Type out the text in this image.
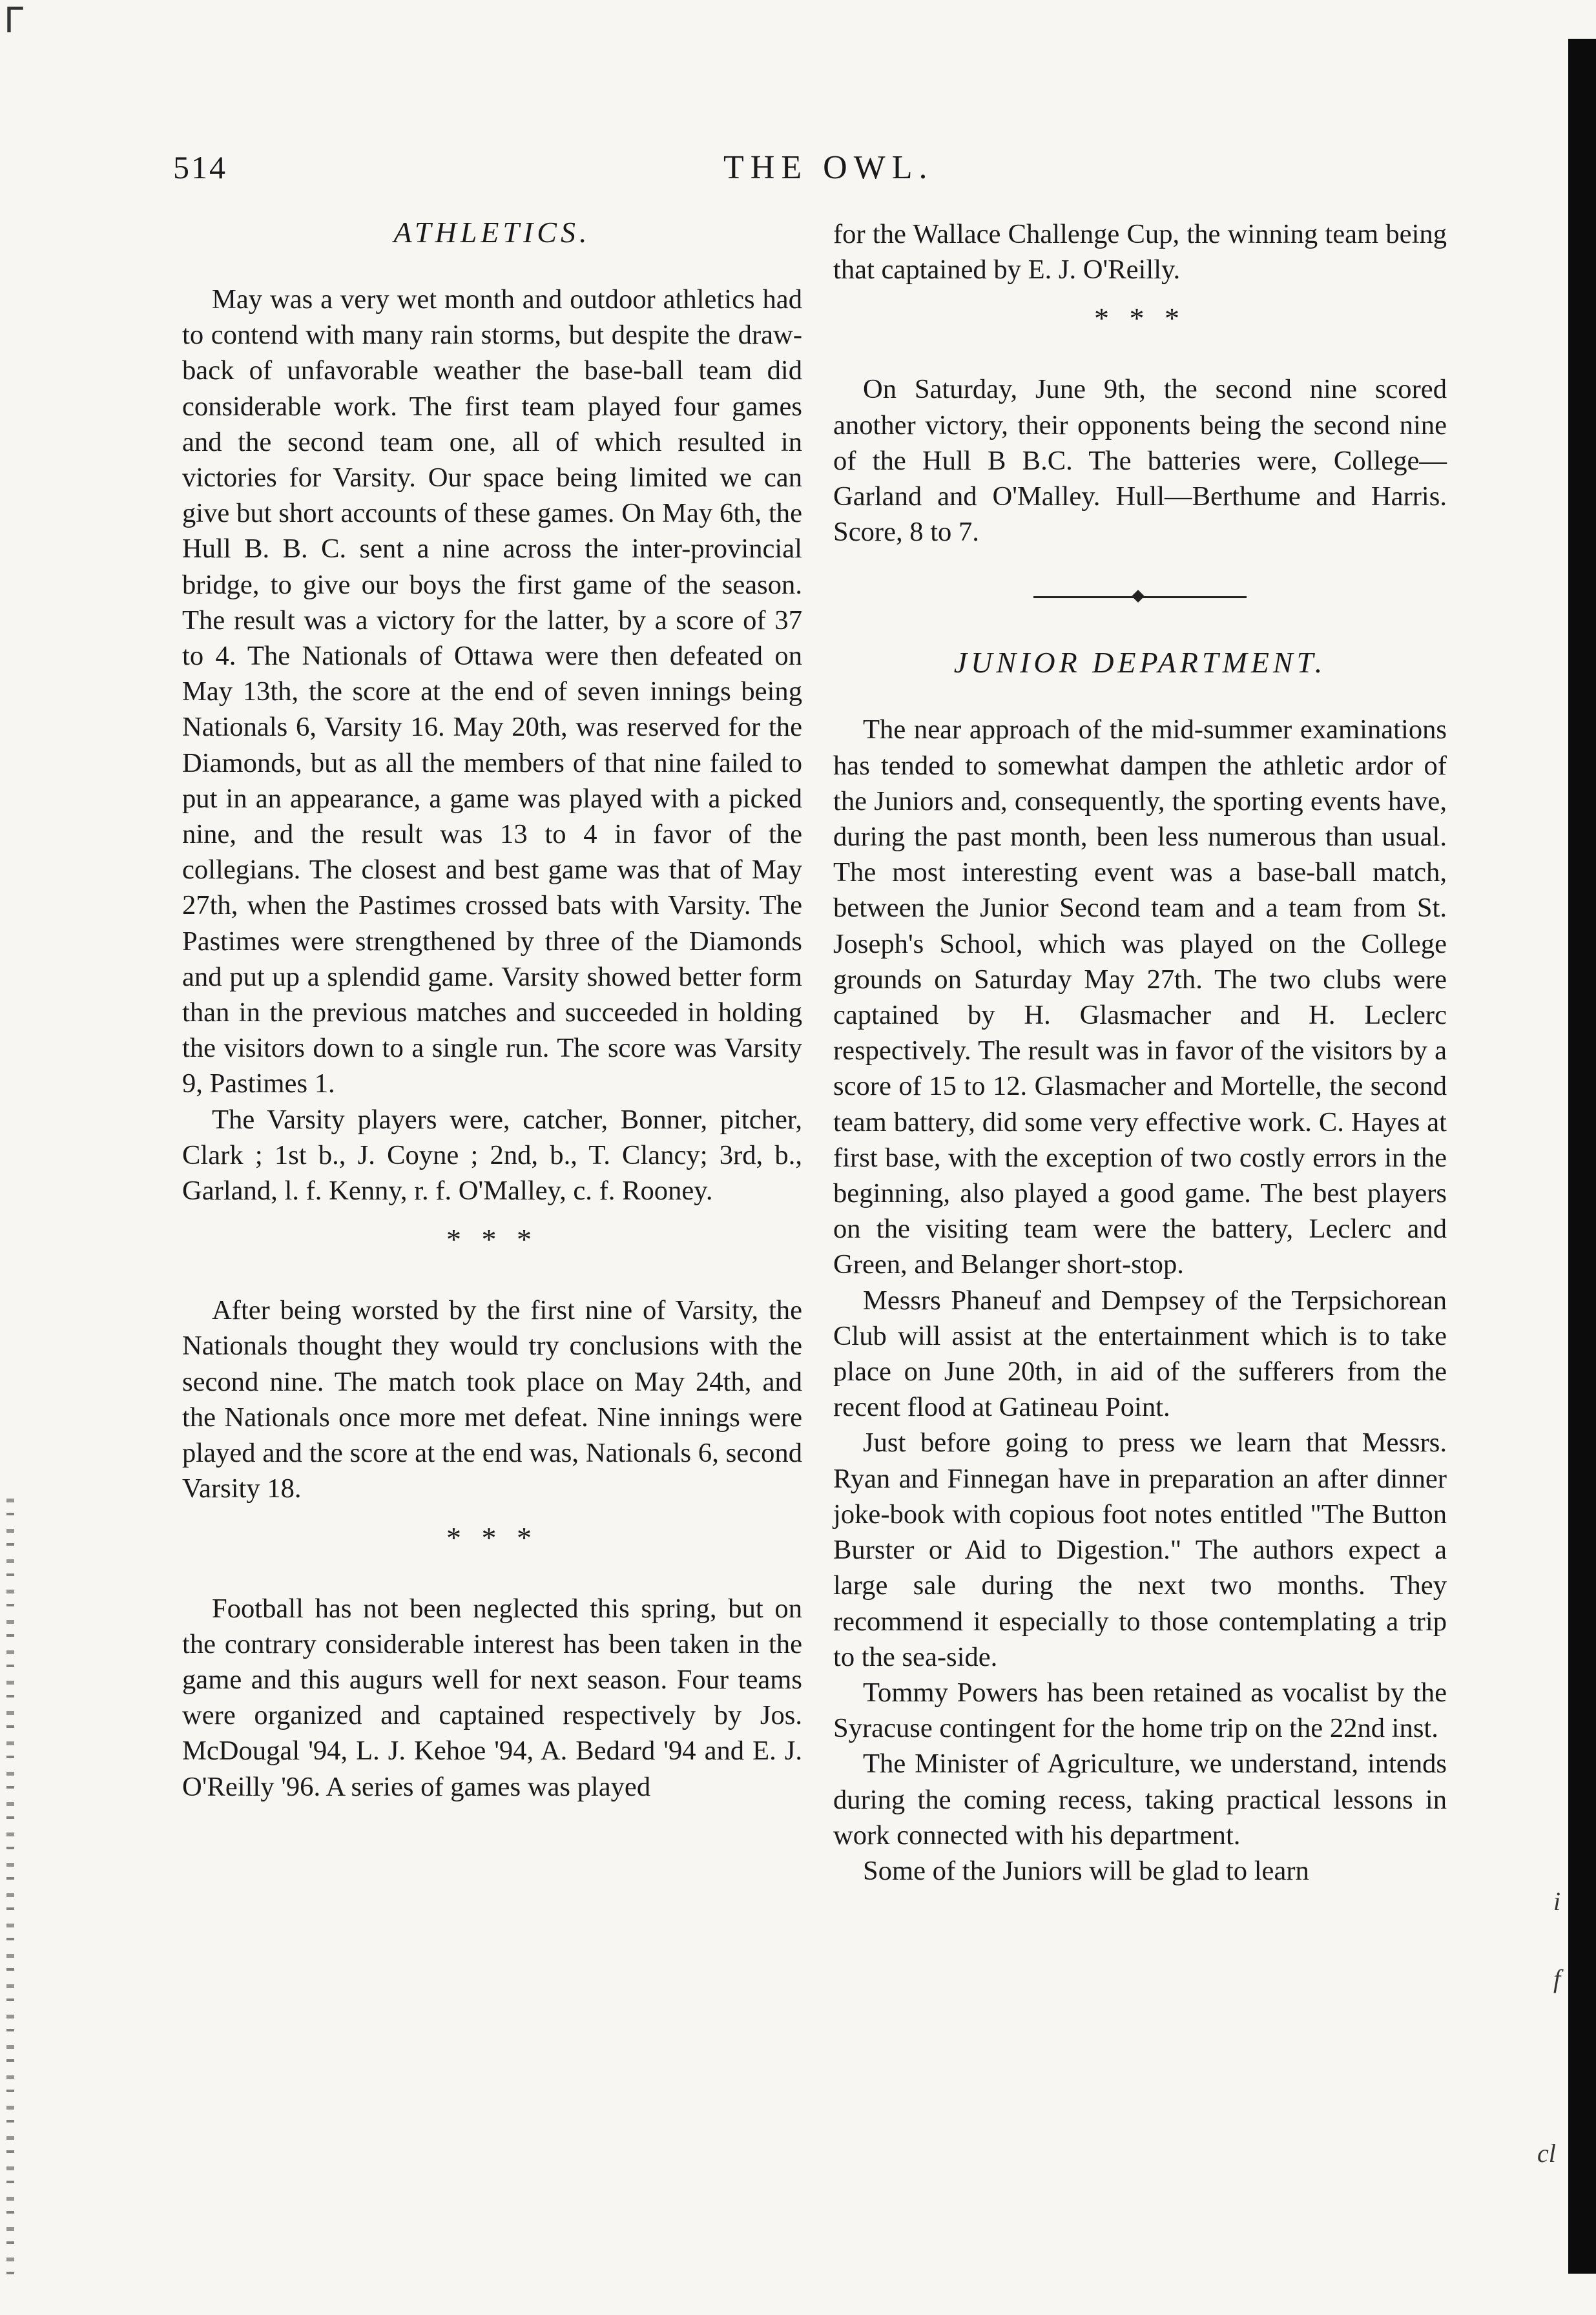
ᒥ
514	THE OWL.
ATHLETICS.

May was a very wet month and outdoor athletics had to contend with many rain storms, but despite the draw-back of unfavorable weather the base-ball team did considerable work. The first team played four games and the second team one, all of which resulted in victories for Varsity. Our space being limited we can give but short accounts of these games. On May 6th, the Hull B. B. C. sent a nine across the inter-provincial bridge, to give our boys the first game of the season. The result was a victory for the latter, by a score of 37 to 4. The Nationals of Ottawa were then defeated on May 13th, the score at the end of seven innings being Nationals 6, Varsity 16. May 20th, was reserved for the Diamonds, but as all the members of that nine failed to put in an appearance, a game was played with a picked nine, and the result was 13 to 4 in favor of the collegians. The closest and best game was that of May 27th, when the Pastimes crossed bats with Varsity. The Pastimes were strengthened by three of the Diamonds and put up a splendid game. Varsity showed better form than in the previous matches and succeeded in holding the visitors down to a single run. The score was Varsity 9, Pastimes 1.

The Varsity players were, catcher, Bonner, pitcher, Clark ; 1st b., J. Coyne ; 2nd, b., T. Clancy; 3rd, b., Garland, l. f. Kenny, r. f. O'Malley, c. f. Rooney.

* * *

After being worsted by the first nine of Varsity, the Nationals thought they would try conclusions with the second nine. The match took place on May 24th, and the Nationals once more met defeat. Nine innings were played and the score at the end was, Nationals 6, second Varsity 18.

* * *

Football has not been neglected this spring, but on the contrary considerable interest has been taken in the game and this augurs well for next season. Four teams were organized and captained respectively by Jos. McDougal '94, L. J. Kehoe '94, A. Bedard '94 and E. J. O'Reilly '96. A series of games was played

for the Wallace Challenge Cup, the winning team being that captained by E. J. O'Reilly.

* * *

On Saturday, June 9th, the second nine scored another victory, their opponents being the second nine of the Hull B B.C. The batteries were, College—Garland and O'Malley. Hull—Berthume and Harris. Score, 8 to 7.

JUNIOR DEPARTMENT.

The near approach of the mid-summer examinations has tended to somewhat dampen the athletic ardor of the Juniors and, consequently, the sporting events have, during the past month, been less numerous than usual. The most interesting event was a base-ball match, between the Junior Second team and a team from St. Joseph's School, which was played on the College grounds on Saturday May 27th. The two clubs were captained by H. Glasmacher and H. Leclerc respectively. The result was in favor of the visitors by a score of 15 to 12. Glasmacher and Mortelle, the second team battery, did some very effective work. C. Hayes at first base, with the exception of two costly errors in the beginning, also played a good game. The best players on the visiting team were the battery, Leclerc and Green, and Belanger short-stop.

Messrs Phaneuf and Dempsey of the Terpsichorean Club will assist at the entertainment which is to take place on June 20th, in aid of the sufferers from the recent flood at Gatineau Point.

Just before going to press we learn that Messrs. Ryan and Finnegan have in preparation an after dinner joke-book with copious foot notes entitled "The Button Burster or Aid to Digestion." The authors expect a large sale during the next two months. They recommend it especially to those contemplating a trip to the sea-side.

Tommy Powers has been retained as vocalist by the Syracuse contingent for the home trip on the 22nd inst.

The Minister of Agriculture, we understand, intends during the coming recess, taking practical lessons in work connected with his department.

Some of the Juniors will be glad to learn

i
f
cl
